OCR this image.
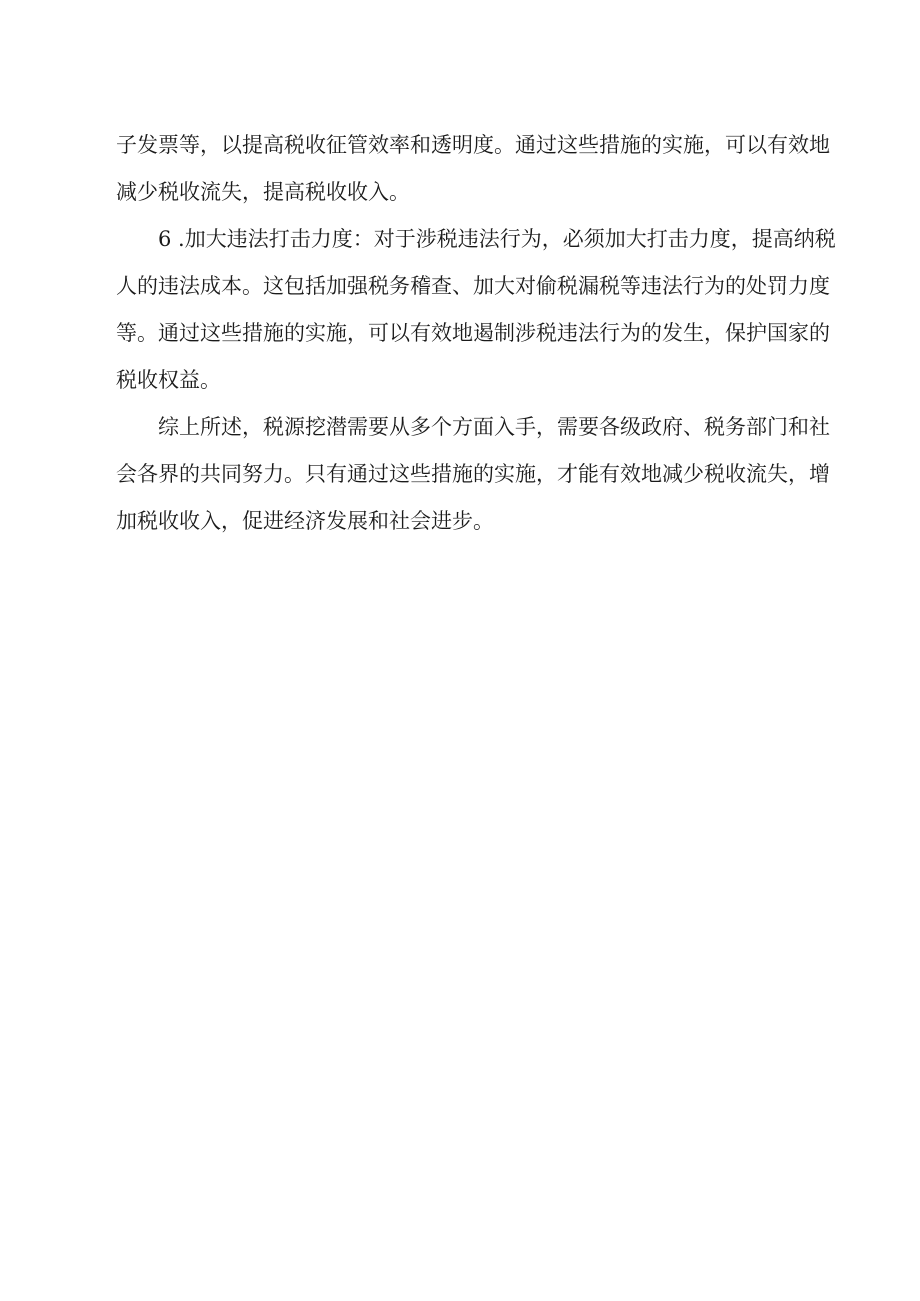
子发票等，以提高税收征管效率和透明度。通过这些措施的实施，可以有效地
减少税收流失，提高税收收入。
6 .加大违法打击力度：对于涉税违法行为，必须加大打击力度，提高纳税
人的违法成本。这包括加强税务稽查、加大对偷税漏税等违法行为的处罚力度
等。通过这些措施的实施，可以有效地遏制涉税违法行为的发生，保护国家的
税收权益。
综上所述，税源挖潜需要从多个方面入手，需要各级政府、税务部门和社
会各界的共同努力。只有通过这些措施的实施，才能有效地减少税收流失，增
加税收收入，促进经济发展和社会进步。
